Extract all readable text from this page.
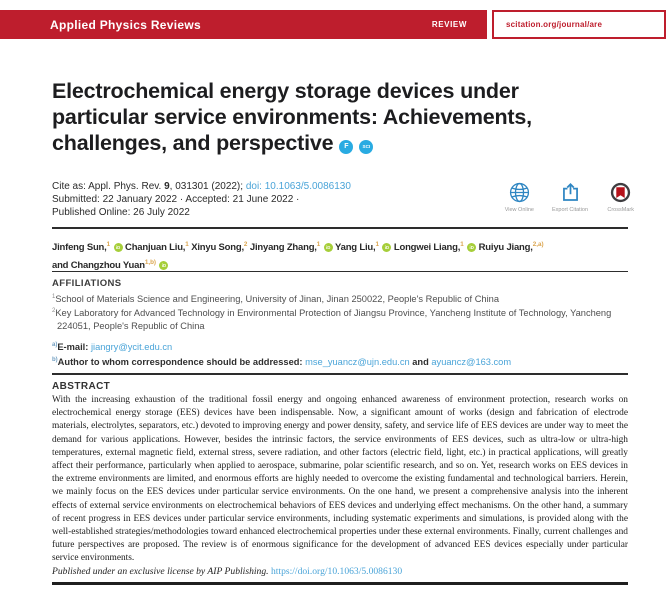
Applied Physics Reviews	REVIEW	scitation.org/journal/are
Electrochemical energy storage devices under
particular service environments: Achievements,
challenges, and perspective F	SCI
Cite as: Appl. Phys. Rev. 9, 031301 (2022); doi: 10.1063/5.0086130
Submitted: 22 January 2022 · Accepted: 21 June 2022 ·
Published Online: 26 July 2022	View Online	Export Citation	CrossMark
Jinfeng Sun,$^1$ iD Chanjuan Liu,$^1$ Xinyu Song,$^2$ Jinyang Zhang,$^1$ iD Yang Liu,$^1$ iD Longwei Liang,$^1$ iD Ruiyu Jiang,$^{2,a)}$
and Changzhou Yuan$^{1,b)}$ iD
AFFILIATIONS
$^1$School of Materials Science and Engineering, University of Jinan, Jinan 250022, People's Republic of China
$^2$Key Laboratory for Advanced Technology in Environmental Protection of Jiangsu Province, Yancheng Institute of Technology, Yancheng 224051, People's Republic of China
$^{a)}$E-mail: jiangry@ycit.edu.cn
$^{b)}$Author to whom correspondence should be addressed: mse_yuancz@ujn.edu.cn and ayuancz@163.com
ABSTRACT

With the increasing exhaustion of the traditional fossil energy and ongoing enhanced awareness of environment protection, research works on electrochemical energy storage (EES) devices have been indispensable. Now, a significant amount of works (design and fabrication of electrode materials, electrolytes, separators, etc.) devoted to improving energy and power density, safety, and service life of EES devices are under way to meet the demand for various applications. However, besides the intrinsic factors, the service environments of EES devices, such as ultra-low or ultra-high temperatures, external magnetic field, external stress, severe radiation, and other factors (electric field, light, etc.) in practical applications, will greatly affect their performance, particularly when applied to aerospace, submarine, polar scientific research, and so on. Yet, research works on EES devices in the extreme environments are limited, and enormous efforts are highly needed to overcome the existing fundamental and technological barriers. Herein, we mainly focus on the EES devices under particular service environments. On the one hand, we present a comprehensive analysis into the inherent effects of external service environments on electrochemical behaviors of EES devices and underlying effect mechanisms. On the other hand, a summary of recent progress in EES devices under particular service environments, including systematic experiments and simulations, is provided along with the well-established strategies/methodologies toward enhanced electrochemical properties under these external environments. Finally, current challenges and future perspectives are proposed. The review is of enormous significance for the development of advanced EES devices especially under particular service environments.

Published under an exclusive license by AIP Publishing. https://doi.org/10.1063/5.0086130
